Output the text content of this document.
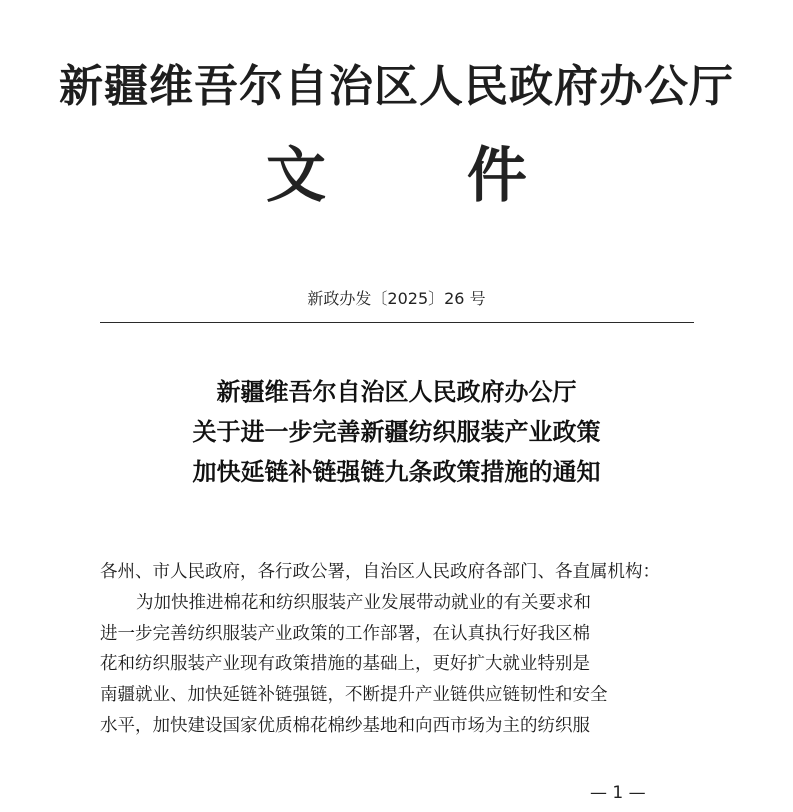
新疆维吾尔自治区人民政府办公厅
文 件
新政办发〔2025〕26 号
新疆维吾尔自治区人民政府办公厅
关于进一步完善新疆纺织服装产业政策
加快延链补链强链九条政策措施的通知
各州、市人民政府，各行政公署，自治区人民政府各部门、各直属机构：
为加快推进棉花和纺织服装产业发展带动就业的有关要求和
进一步完善纺织服装产业政策的工作部署，在认真执行好我区棉
花和纺织服装产业现有政策措施的基础上，更好扩大就业特别是
南疆就业、加快延链补链强链，不断提升产业链供应链韧性和安全
水平，加快建设国家优质棉花棉纱基地和向西市场为主的纺织服
— 1 —
